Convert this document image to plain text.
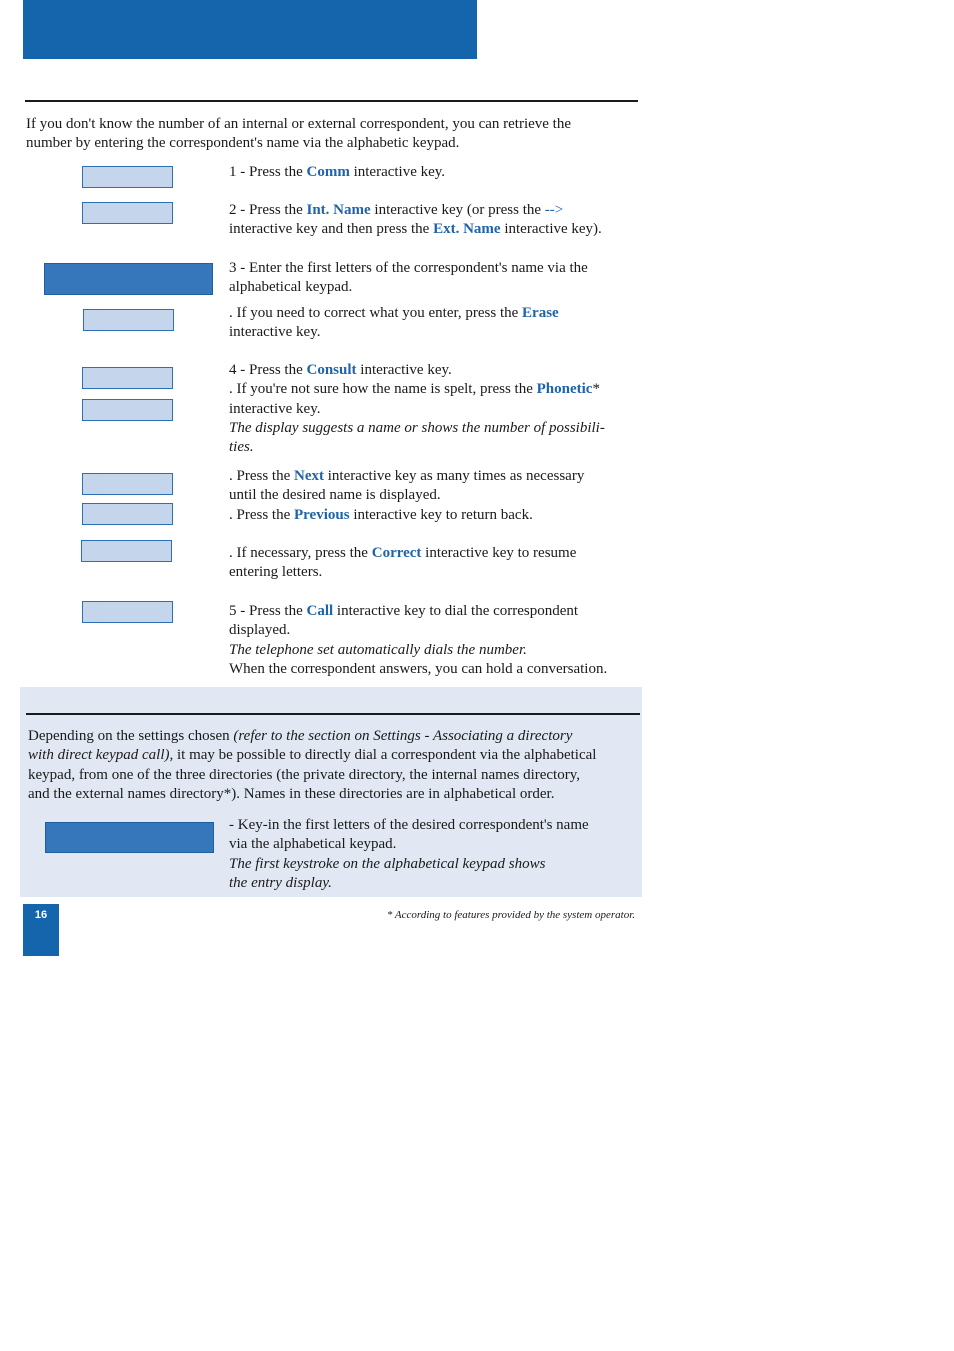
If you don't know the number of an internal or external correspondent, you can retrieve the
number by entering the correspondent's name via the alphabetic keypad.
1 - Press the Comm interactive key.
2 - Press the Int. Name interactive key (or press the -->
interactive key and then press the Ext. Name interactive key).
3 - Enter the first letters of the correspondent's name via the
alphabetical keypad.
. If you need to correct what you enter, press the Erase
interactive key.
4 - Press the Consult interactive key.
. If you're not sure how the name is spelt, press the Phonetic*
interactive key.
The display suggests a name or shows the number of possibili-
ties.
. Press the Next interactive key as many times as necessary
until the desired name is displayed.
. Press the Previous interactive key to return back.
. If necessary, press the Correct interactive key to resume
entering letters.
5 - Press the Call interactive key to dial the correspondent
displayed.
The telephone set automatically dials the number.
When the correspondent answers, you can hold a conversation.
Depending on the settings chosen (refer to the section on Settings - Associating a directory
with direct keypad call), it may be possible to directly dial a correspondent via the alphabetical
keypad, from one of the three directories (the private directory, the internal names directory,
and the external names directory*). Names in these directories are in alphabetical order.
- Key-in the first letters of the desired correspondent's name
via the alphabetical keypad.
The first keystroke on the alphabetical keypad shows
the entry display.
16	* According to features provided by the system operator.
